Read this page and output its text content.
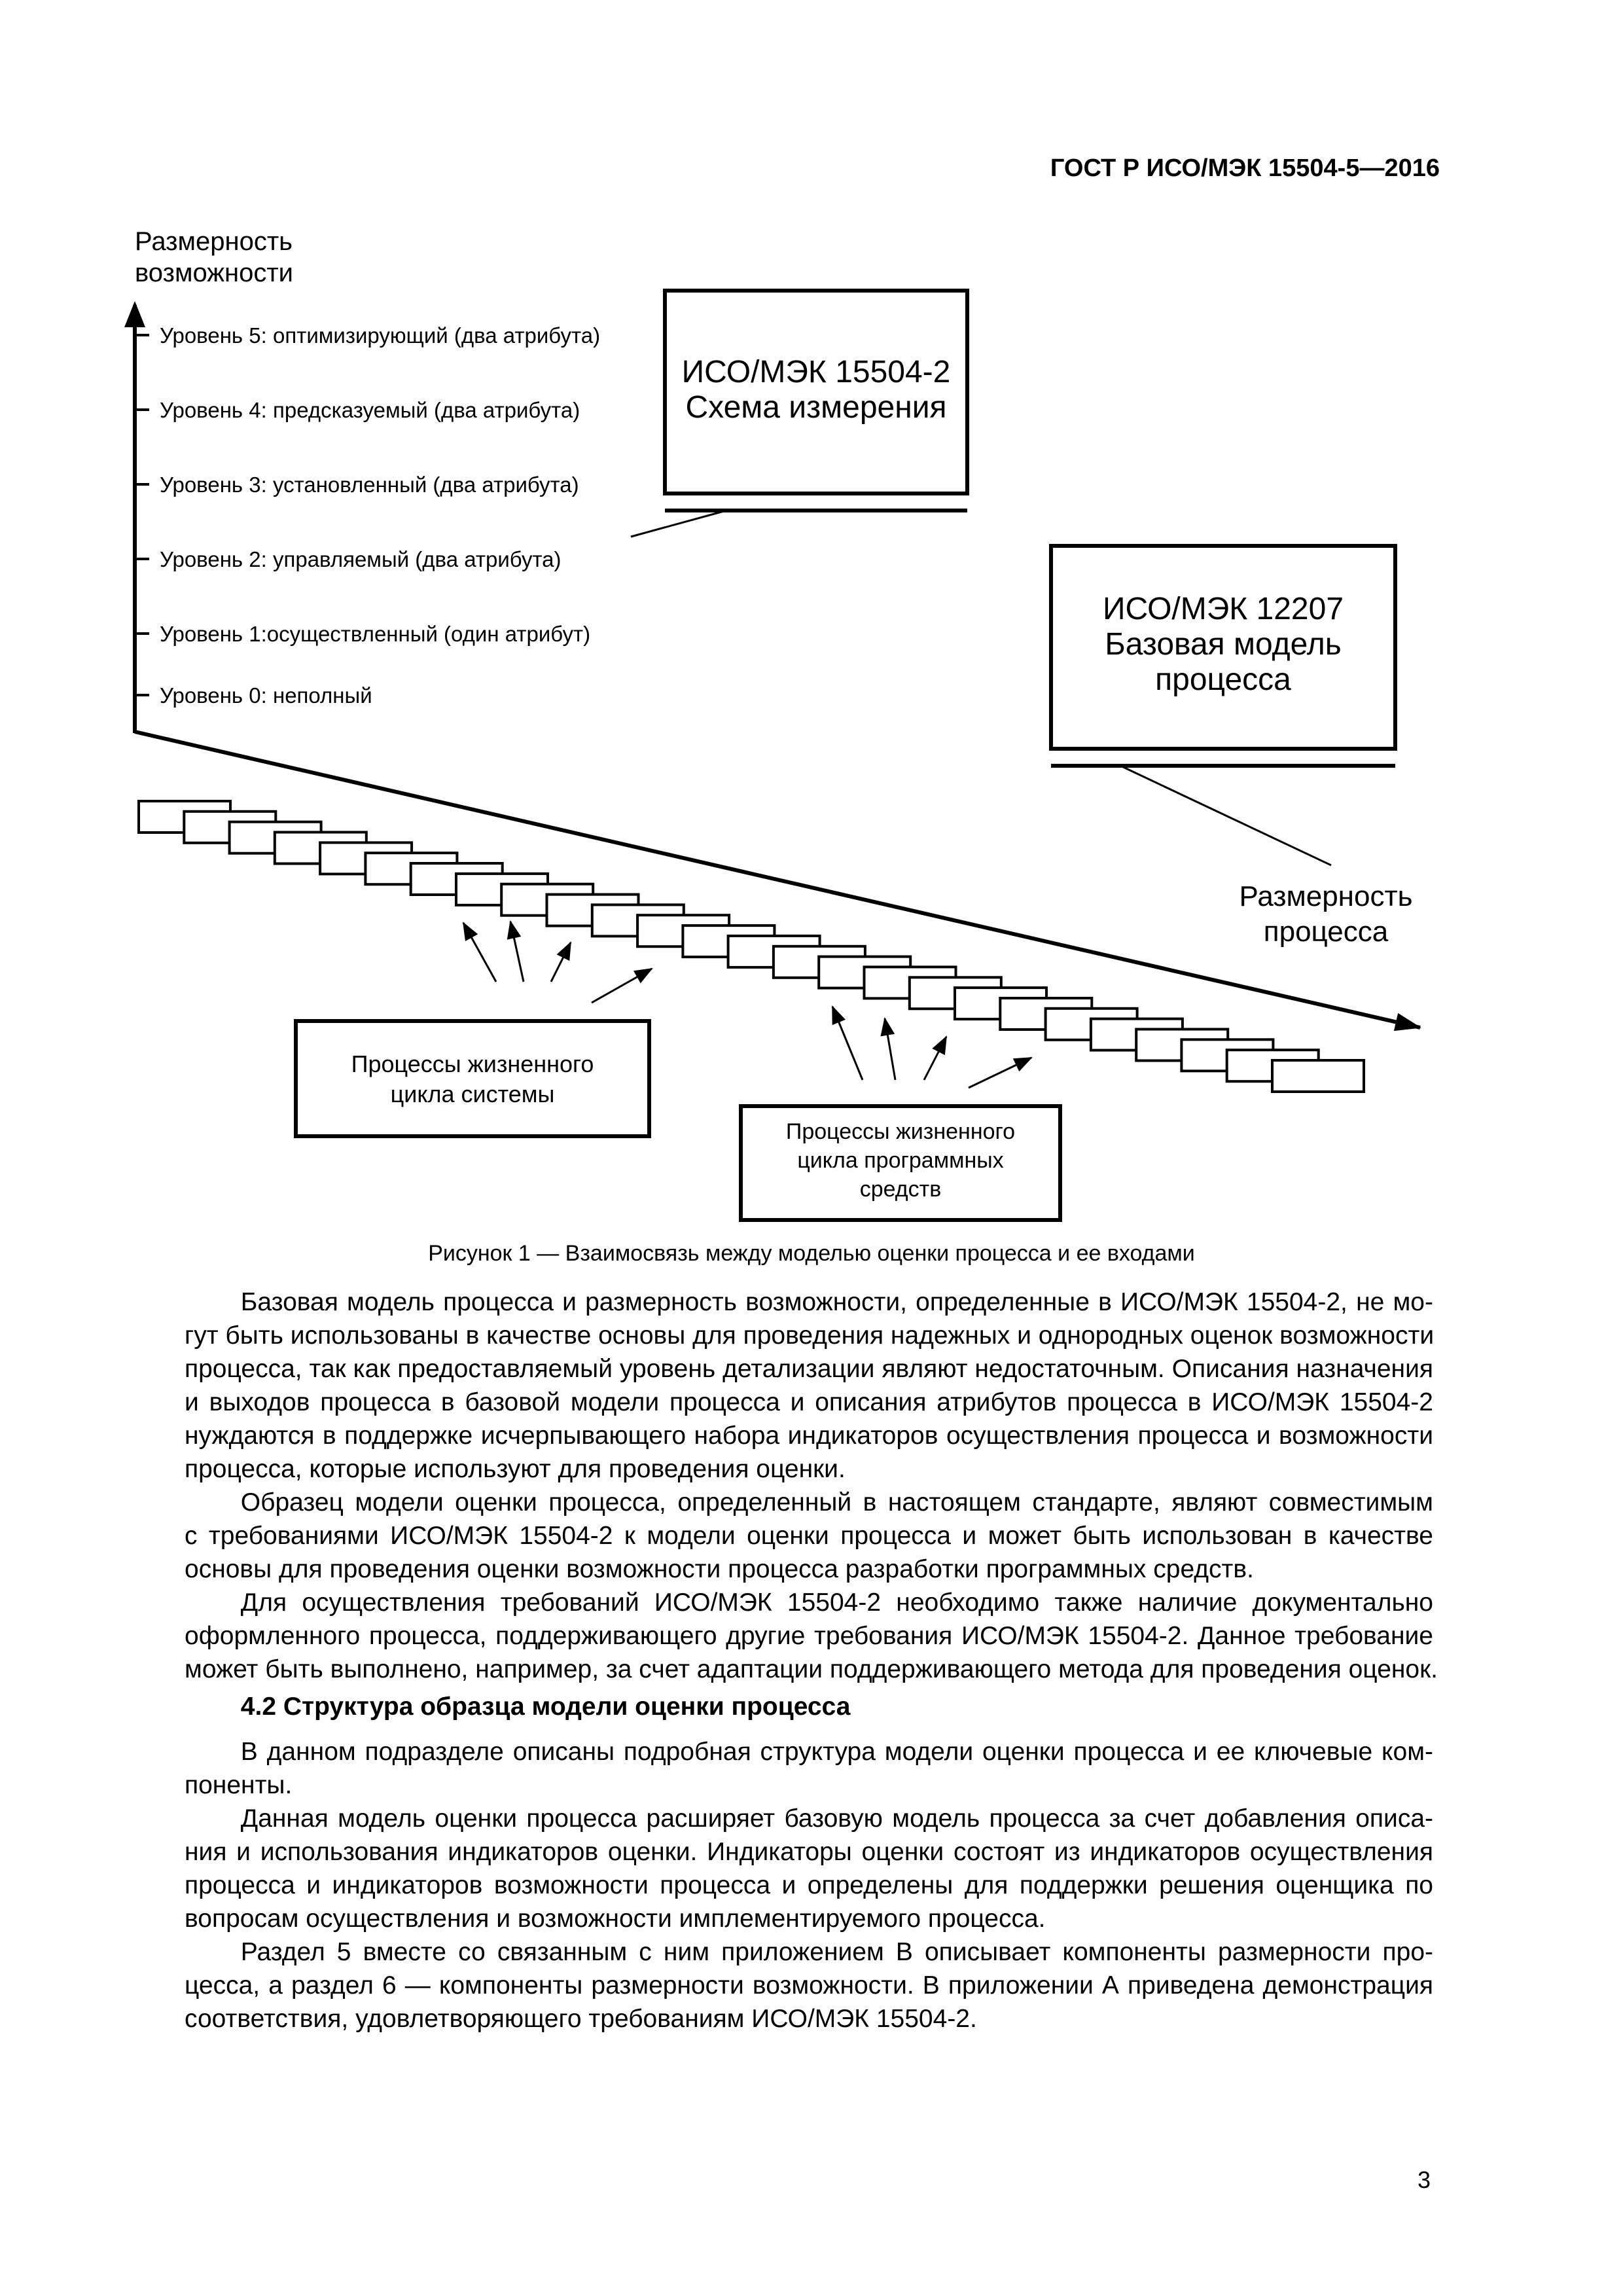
ГОСТ Р ИСО/МЭК 15504-5—2016
Размерность
возможности
Уровень 5: оптимизирующий (два атрибута)
Уровень 4: предсказуемый (два атрибута)
Уровень 3: установленный (два атрибута)
Уровень 2: управляемый (два атрибута)
Уровень 1:осуществленный (один атрибут)
Уровень 0: неполный
ИСО/МЭК 15504-2
Схема измерения
ИСО/МЭК 12207
Базовая модель
процесса
Размерность
процесса
Процессы жизненного
цикла системы
Процессы жизненного
цикла программных
средств
Рисунок 1 — Взаимосвязь между моделью оценки процесса и ее входами
Базовая модель процесса и размерность возможности, определенные в ИСО/МЭК 15504-2, не мо-
гут быть использованы в качестве основы для проведения надежных и однородных оценок возможности
процесса, так как предоставляемый уровень детализации являют недостаточным. Описания назначения
и выходов процесса в базовой модели процесса и описания атрибутов процесса в ИСО/МЭК 15504-2
нуждаются в поддержке исчерпывающего набора индикаторов осуществления процесса и возможности
процесса, которые используют для проведения оценки.
Образец модели оценки процесса, определенный в настоящем стандарте, являют совместимым
с требованиями ИСО/МЭК 15504-2 к модели оценки процесса и может быть использован в качестве
основы для проведения оценки возможности процесса разработки программных средств.
Для осуществления требований ИСО/МЭК 15504-2 необходимо также наличие документально
оформленного процесса, поддерживающего другие требования ИСО/МЭК 15504-2. Данное требование
может быть выполнено, например, за счет адаптации поддерживающего метода для проведения оценок.
4.2 Структура образца модели оценки процесса
В данном подразделе описаны подробная структура модели оценки процесса и ее ключевые ком-
поненты.
Данная модель оценки процесса расширяет базовую модель процесса за счет добавления описа-
ния и использования индикаторов оценки. Индикаторы оценки состоят из индикаторов осуществления
процесса и индикаторов возможности процесса и определены для поддержки решения оценщика по
вопросам осуществления и возможности имплементируемого процесса.
Раздел 5 вместе со связанным с ним приложением В описывает компоненты размерности про-
цесса, а раздел 6 — компоненты размерности возможности. В приложении А приведена демонстрация
соответствия, удовлетворяющего требованиям ИСО/МЭК 15504-2.
3
